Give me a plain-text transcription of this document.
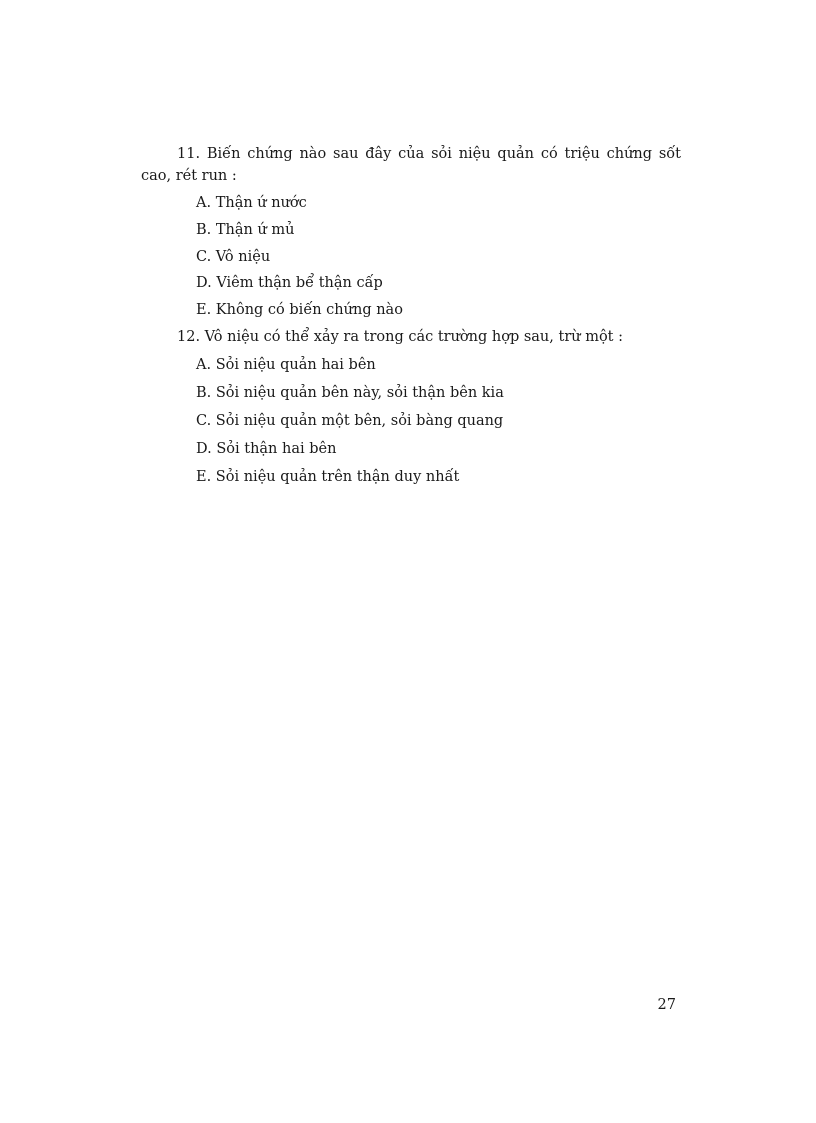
11. Biến chứng nào sau đây của sỏi niệu quản có triệu chứng sốt cao, rét run :

A. Thận ứ nước
B. Thận ứ mủ
C. Vô niệu
D. Viêm thận bể thận cấp
E. Không có biến chứng nào

12. Vô niệu có thể xảy ra trong các trường hợp sau, trừ một :

A. Sỏi niệu quản hai bên
B. Sỏi niệu quản bên này, sỏi thận bên kia
C. Sỏi niệu quản một bên, sỏi bàng quang
D. Sỏi thận hai bên
E. Sỏi niệu quản trên thận duy nhất
27
